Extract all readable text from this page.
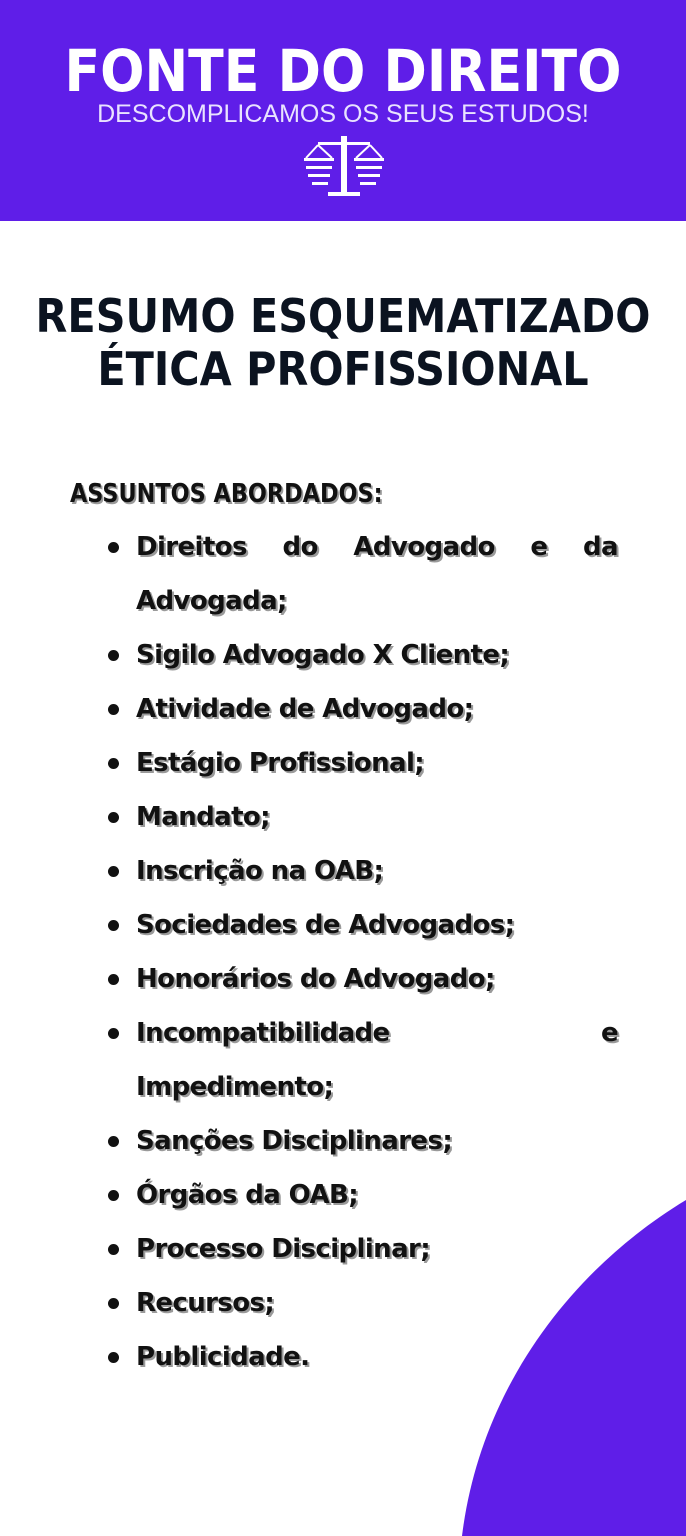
FONTE DO DIREITO
DESCOMPLICAMOS OS SEUS ESTUDOS!
RESUMO ESQUEMATIZADO
ÉTICA PROFISSIONAL
ASSUNTOS ABORDADOS:
Direitos do Advogado e da Advogada;
Sigilo Advogado X Cliente;
Atividade de Advogado;
Estágio Profissional;
Mandato;
Inscrição na OAB;
Sociedades de Advogados;
Honorários do Advogado;
Incompatibilidade e Impedimento;
Sanções Disciplinares;
Órgãos da OAB;
Processo Disciplinar;
Recursos;
Publicidade.
